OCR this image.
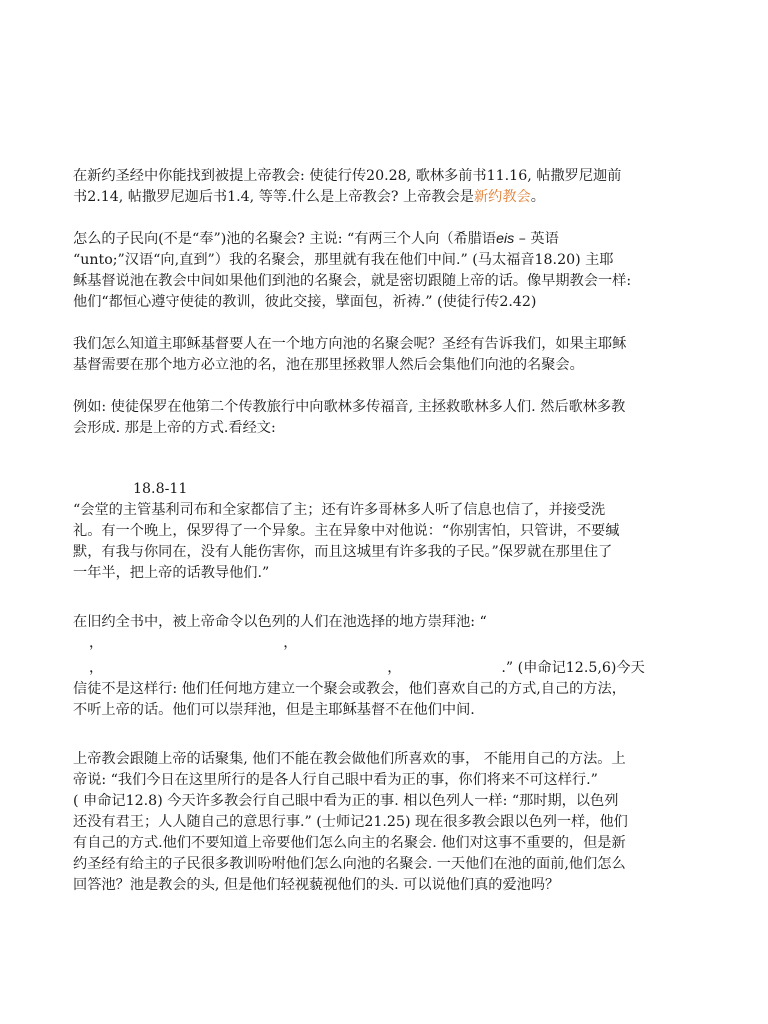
在新约圣经中你能找到被提上帝教会: 使徒行传20.28, 歌林多前书11.16, 帖撒罗尼迦前
书2.14, 帖撒罗尼迦后书1.4, 等等.什么是上帝教会? 上帝教会是新约教会。
怎么的子民向(不是“奉”)池的名聚会? 主说: “有两三个人向（希腊语eis – 英语
“unto;”汉语“向,直到”）我的名聚会，那里就有我在他们中间.” (马太福音18.20) 主耶
稣基督说池在教会中间如果他们到池的名聚会，就是密切跟随上帝的话。像早期教会一样:
他们“都恒心遵守使徒的教训，彼此交接，擘面包，祈祷.” (使徒行传2.42)
我们怎么知道主耶稣基督要人在一个地方向池的名聚会呢？圣经有告诉我们，如果主耶稣
基督需要在那个地方必立池的名，池在那里拯救罪人然后会集他们向池的名聚会。
例如: 使徒保罗在他第二个传教旅行中向歌林多传福音, 主拯救歌林多人们. 然后歌林多教
会形成. 那是上帝的方式.看经文:
18.8-11
“会堂的主管基利司布和全家都信了主；还有许多哥林多人听了信息也信了，并接受洗
礼。有一个晚上，保罗得了一个异象。主在异象中对他说：“你别害怕，只管讲，不要缄
默，有我与你同在，没有人能伤害你，而且这城里有许多我的子民。”保罗就在那里住了
一年半，把上帝的话教导他们.”
在旧约全书中，被上帝命令以色列的人们在池选择的地方崇拜池: “
，	，
，	，	.” (申命记12.5,6)今天
信徒不是这样行: 他们任何地方建立一个聚会或教会，他们喜欢自己的方式,自己的方法，
不听上帝的话。他们可以崇拜池，但是主耶稣基督不在他们中间.
上帝教会跟随上帝的话聚集, 他们不能在教会做他们所喜欢的事， 不能用自己的方法。上
帝说: “我们今日在这里所行的是各人行自己眼中看为正的事，你们将来不可这样行.”
( 申命记12.8) 今天许多教会行自己眼中看为正的事. 相以色列人一样: “那时期，以色列
还没有君王；人人随自己的意思行事.” (士师记21.25) 现在很多教会跟以色列一样，他们
有自己的方式.他们不要知道上帝要他们怎么向主的名聚会. 他们对这事不重要的，但是新
约圣经有给主的子民很多教训吩咐他们怎么向池的名聚会. 一天他们在池的面前,他们怎么
回答池？池是教会的头, 但是他们轻视藐视他们的头. 可以说他们真的爱池吗？
